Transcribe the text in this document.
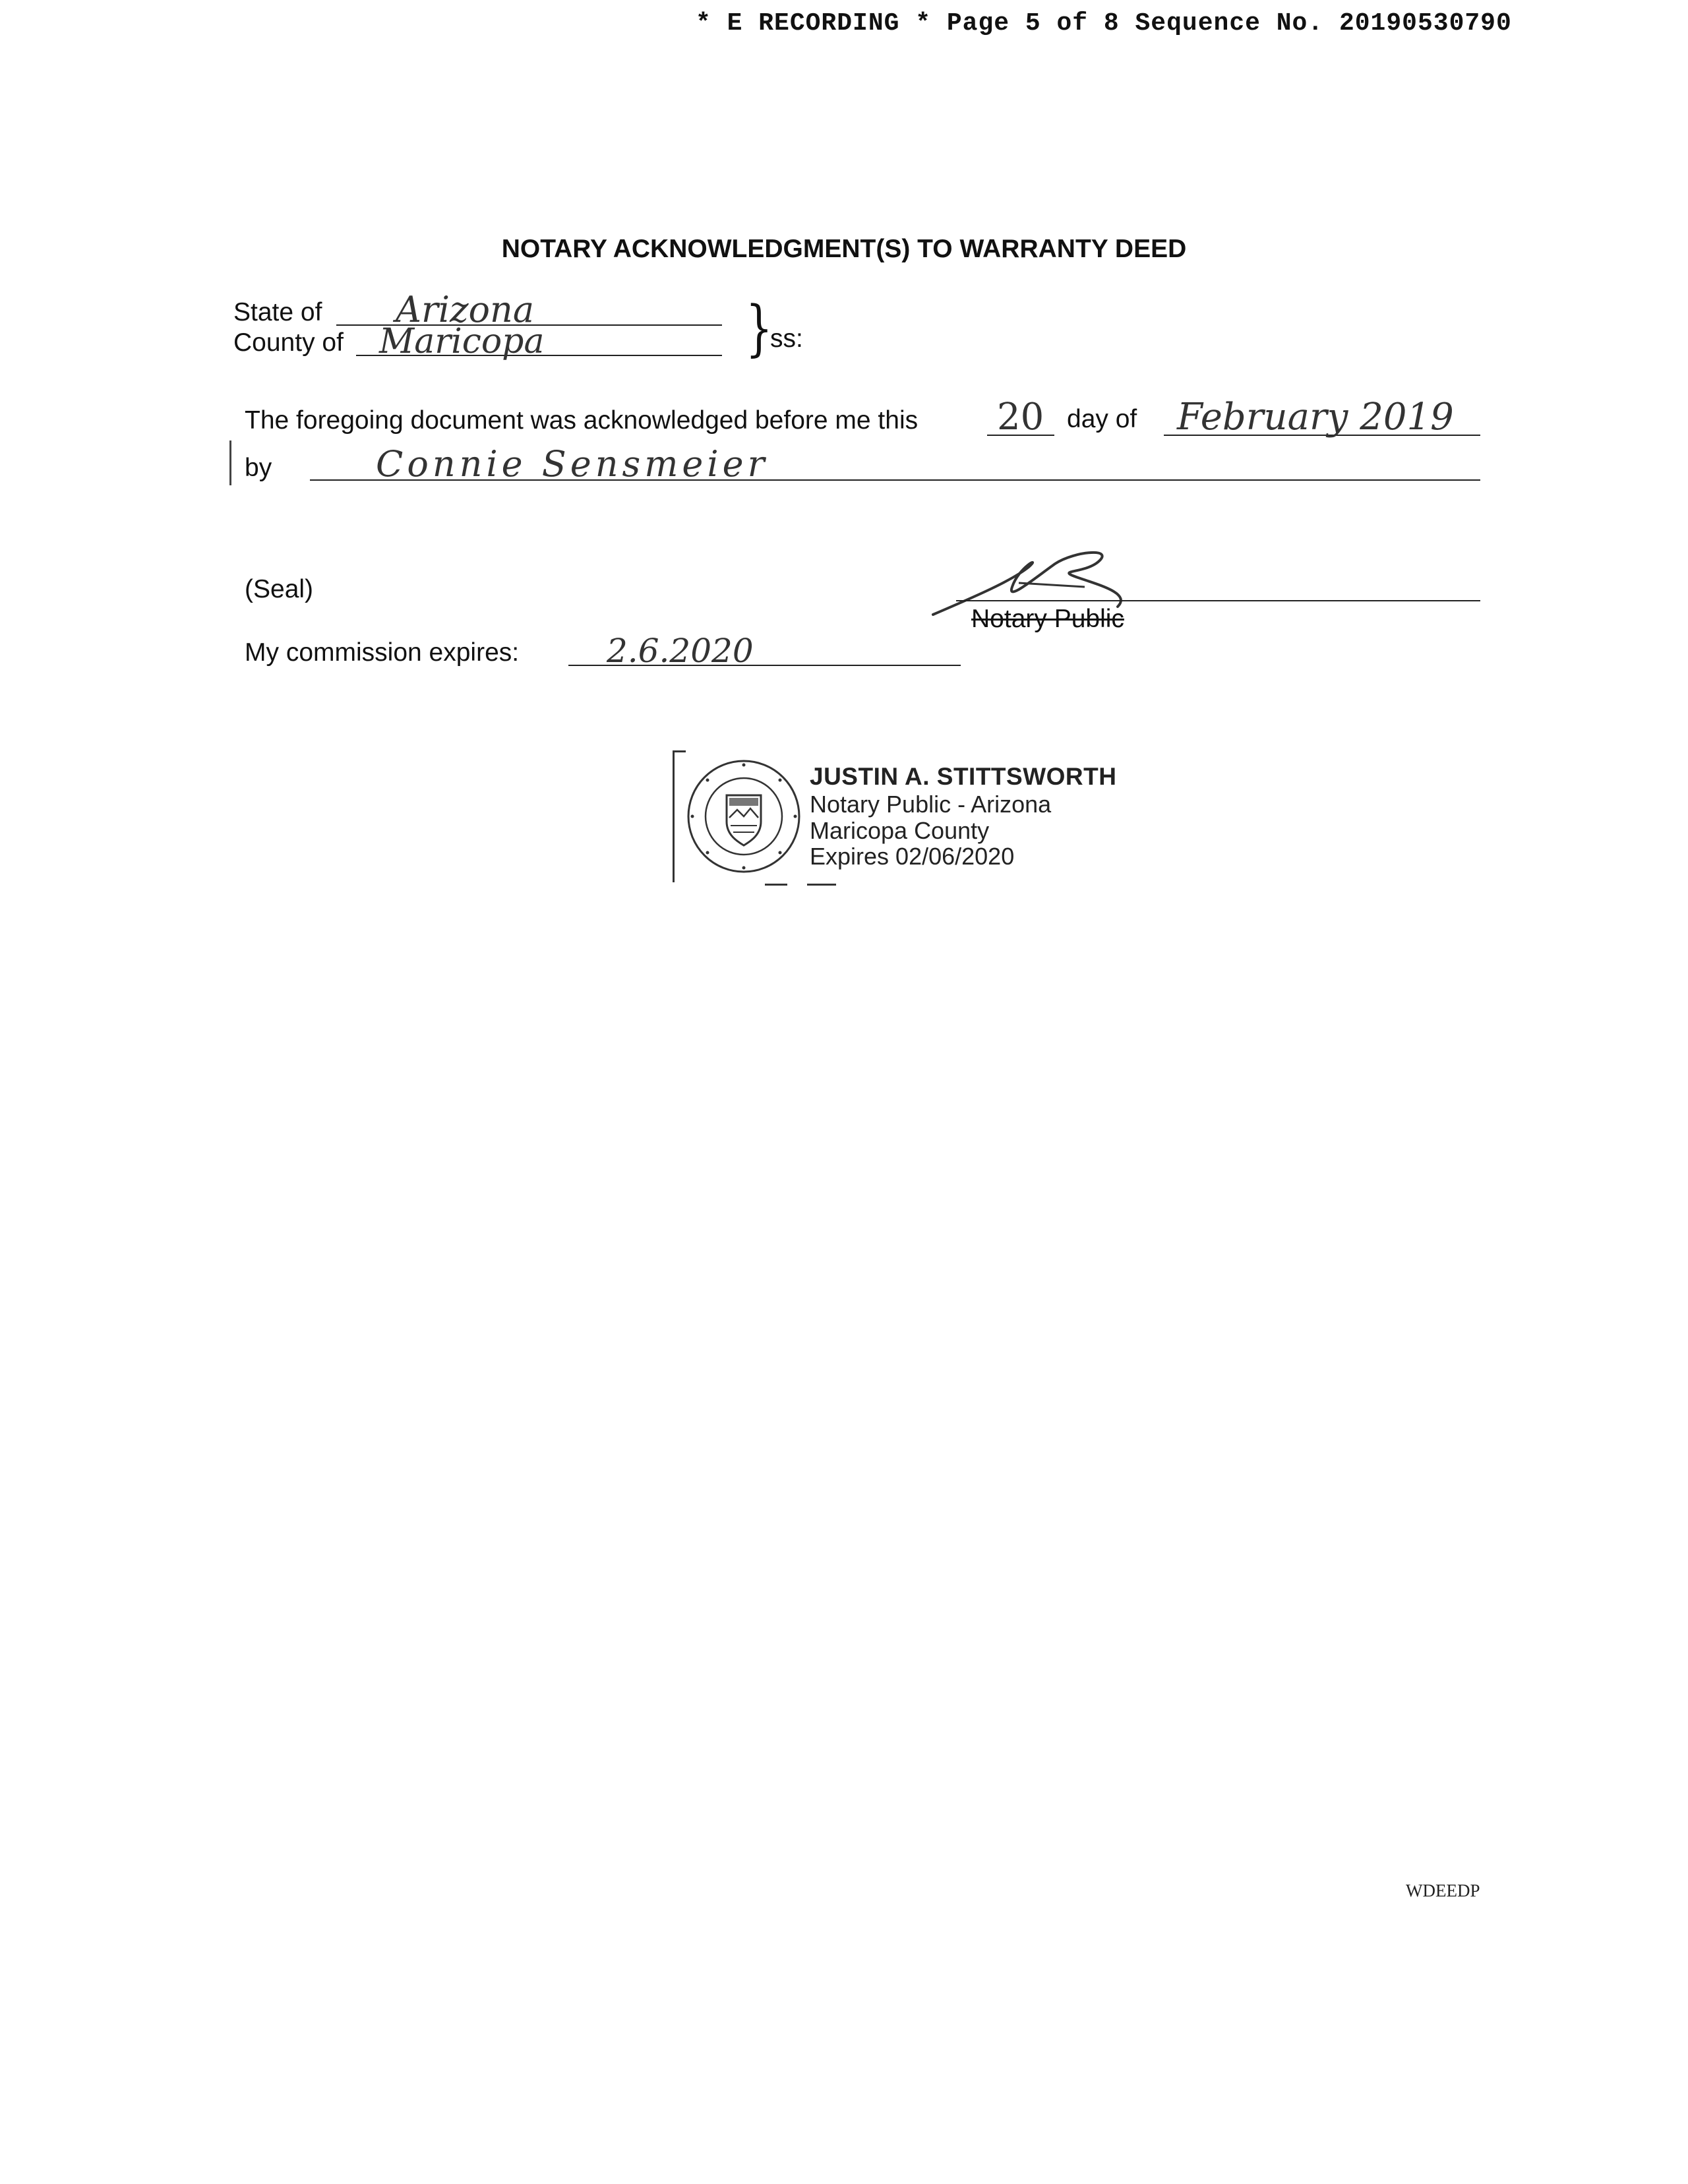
* E RECORDING * Page 5 of 8 Sequence No. 20190530790
NOTARY ACKNOWLEDGMENT(S) TO WARRANTY DEED
State of Arizona
County of Maricopa	}
ss:
The foregoing document was acknowledged before me this 20 day of February 2019
by	Connie Sensmeier
(Seal)
Notary Public
My commission expires:	2.6.2020
JUSTIN A. STITTSWORTH
Notary Public - Arizona
Maricopa County
Expires 02/06/2020
WDEEDP
